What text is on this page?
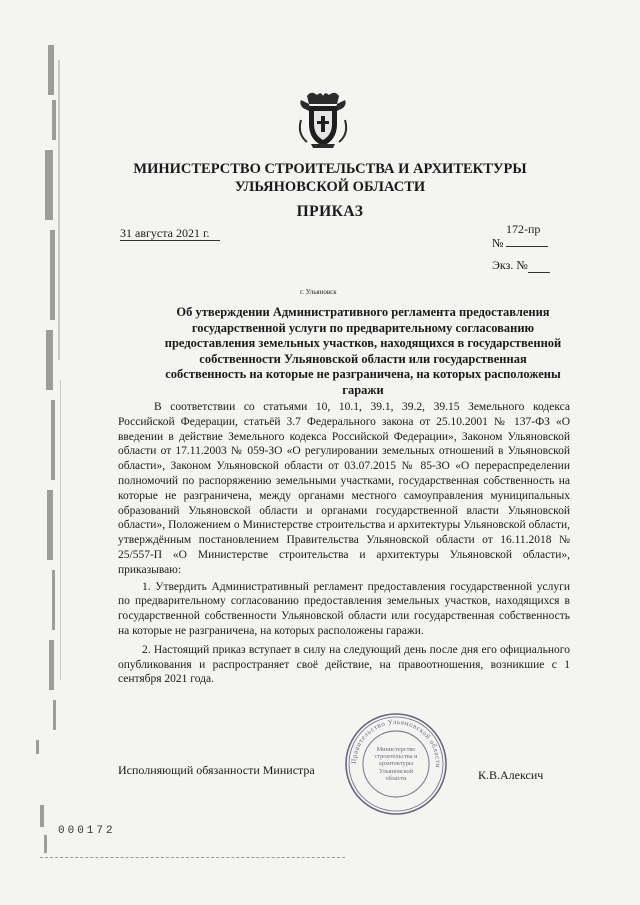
МИНИСТЕРСТВО СТРОИТЕЛЬСТВА И АРХИТЕКТУРЫ
УЛЬЯНОВСКОЙ ОБЛАСТИ
ПРИКАЗ
31 августа 2021 г.	172-пр
№
Экз. №
г. Ульяновск
Об утверждении Административного регламента предоставления государственной услуги по предварительному согласованию предоставления земельных участков, находящихся в государственной собственности Ульяновской области или государственная собственность на которые не разграничена, на которых расположены гаражи

В соответствии со статьями 10, 10.1, 39.1, 39.2, 39.15 Земельного кодекса Российской Федерации, статьёй 3.7 Федерального закона от 25.10.2001 № 137-ФЗ «О введении в действие Земельного кодекса Российской Федерации», Законом Ульяновской области от 17.11.2003 № 059-ЗО «О регулировании земельных отношений в Ульяновской области», Законом Ульяновской области от 03.07.2015 № 85-ЗО «О перераспределении полномочий по распоряжению земельными участками, государственная собственность на которые не разграничена, между органами местного самоуправления муниципальных образований Ульяновской области и органами государственной власти Ульяновской области», Положением о Министерстве строительства и архитектуры Ульяновской области, утверждённым постановлением Правительства Ульяновской области от 16.11.2018 № 25/557-П «О Министерстве строительства и архитектуры Ульяновской области», приказываю:

1. Утвердить Административный регламент предоставления государственной услуги по предварительному согласованию предоставления земельных участков, находящихся в государственной собственности Ульяновской области или государственная собственность на которые не разграничена, на которых расположены гаражи.

2. Настоящий приказ вступает в силу на следующий день после дня его официального опубликования и распространяет своё действие, на правоотношения, возникшие с 1 сентября 2021 года.

Исполняющий обязанности Министра	К.В.Алексич
Правительство Ульяновской области
Министерство строительства и архитектуры Ульяновской области
000172
